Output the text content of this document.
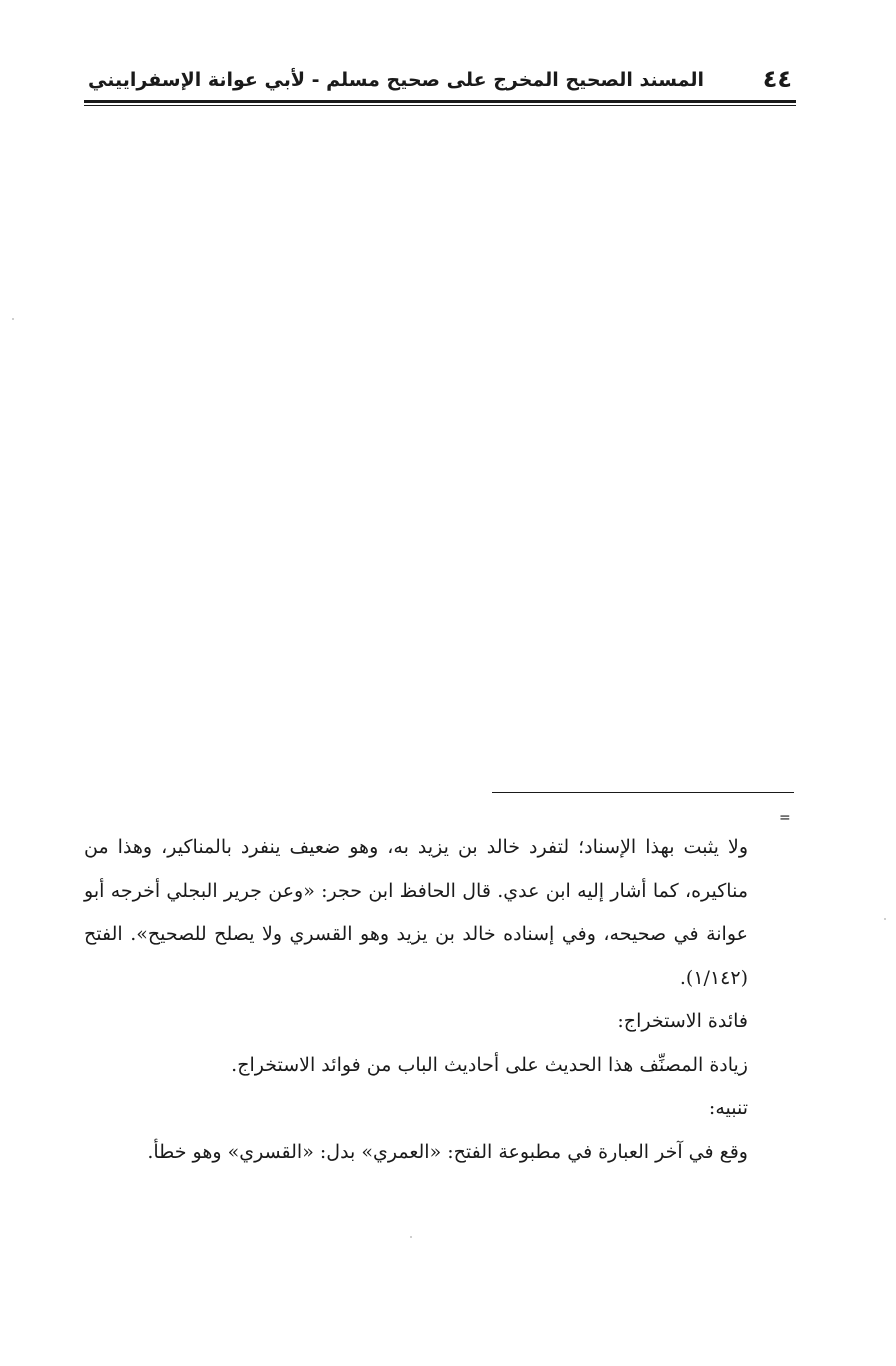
٤٤
المسند الصحيح المخرج على صحيح مسلم - لأبي عوانة الإسفراييني
=

ولا يثبت بهذا الإسناد؛ لتفرد خالد بن يزيد به، وهو ضعيف ينفرد بالمناكير، وهذا من مناكيره، كما أشار إليه ابن عدي. قال الحافظ ابن حجر: «وعن جرير البجلي أخرجه أبو عوانة في صحيحه، وفي إسناده خالد بن يزيد وهو القسري ولا يصلح للصحيح». الفتح (١/١٤٢).

فائدة الاستخراج:

زيادة المصنِّف هذا الحديث على أحاديث الباب من فوائد الاستخراج.

تنبيه:

وقع في آخر العبارة في مطبوعة الفتح: «العمري» بدل: «القسري» وهو خطأ.
